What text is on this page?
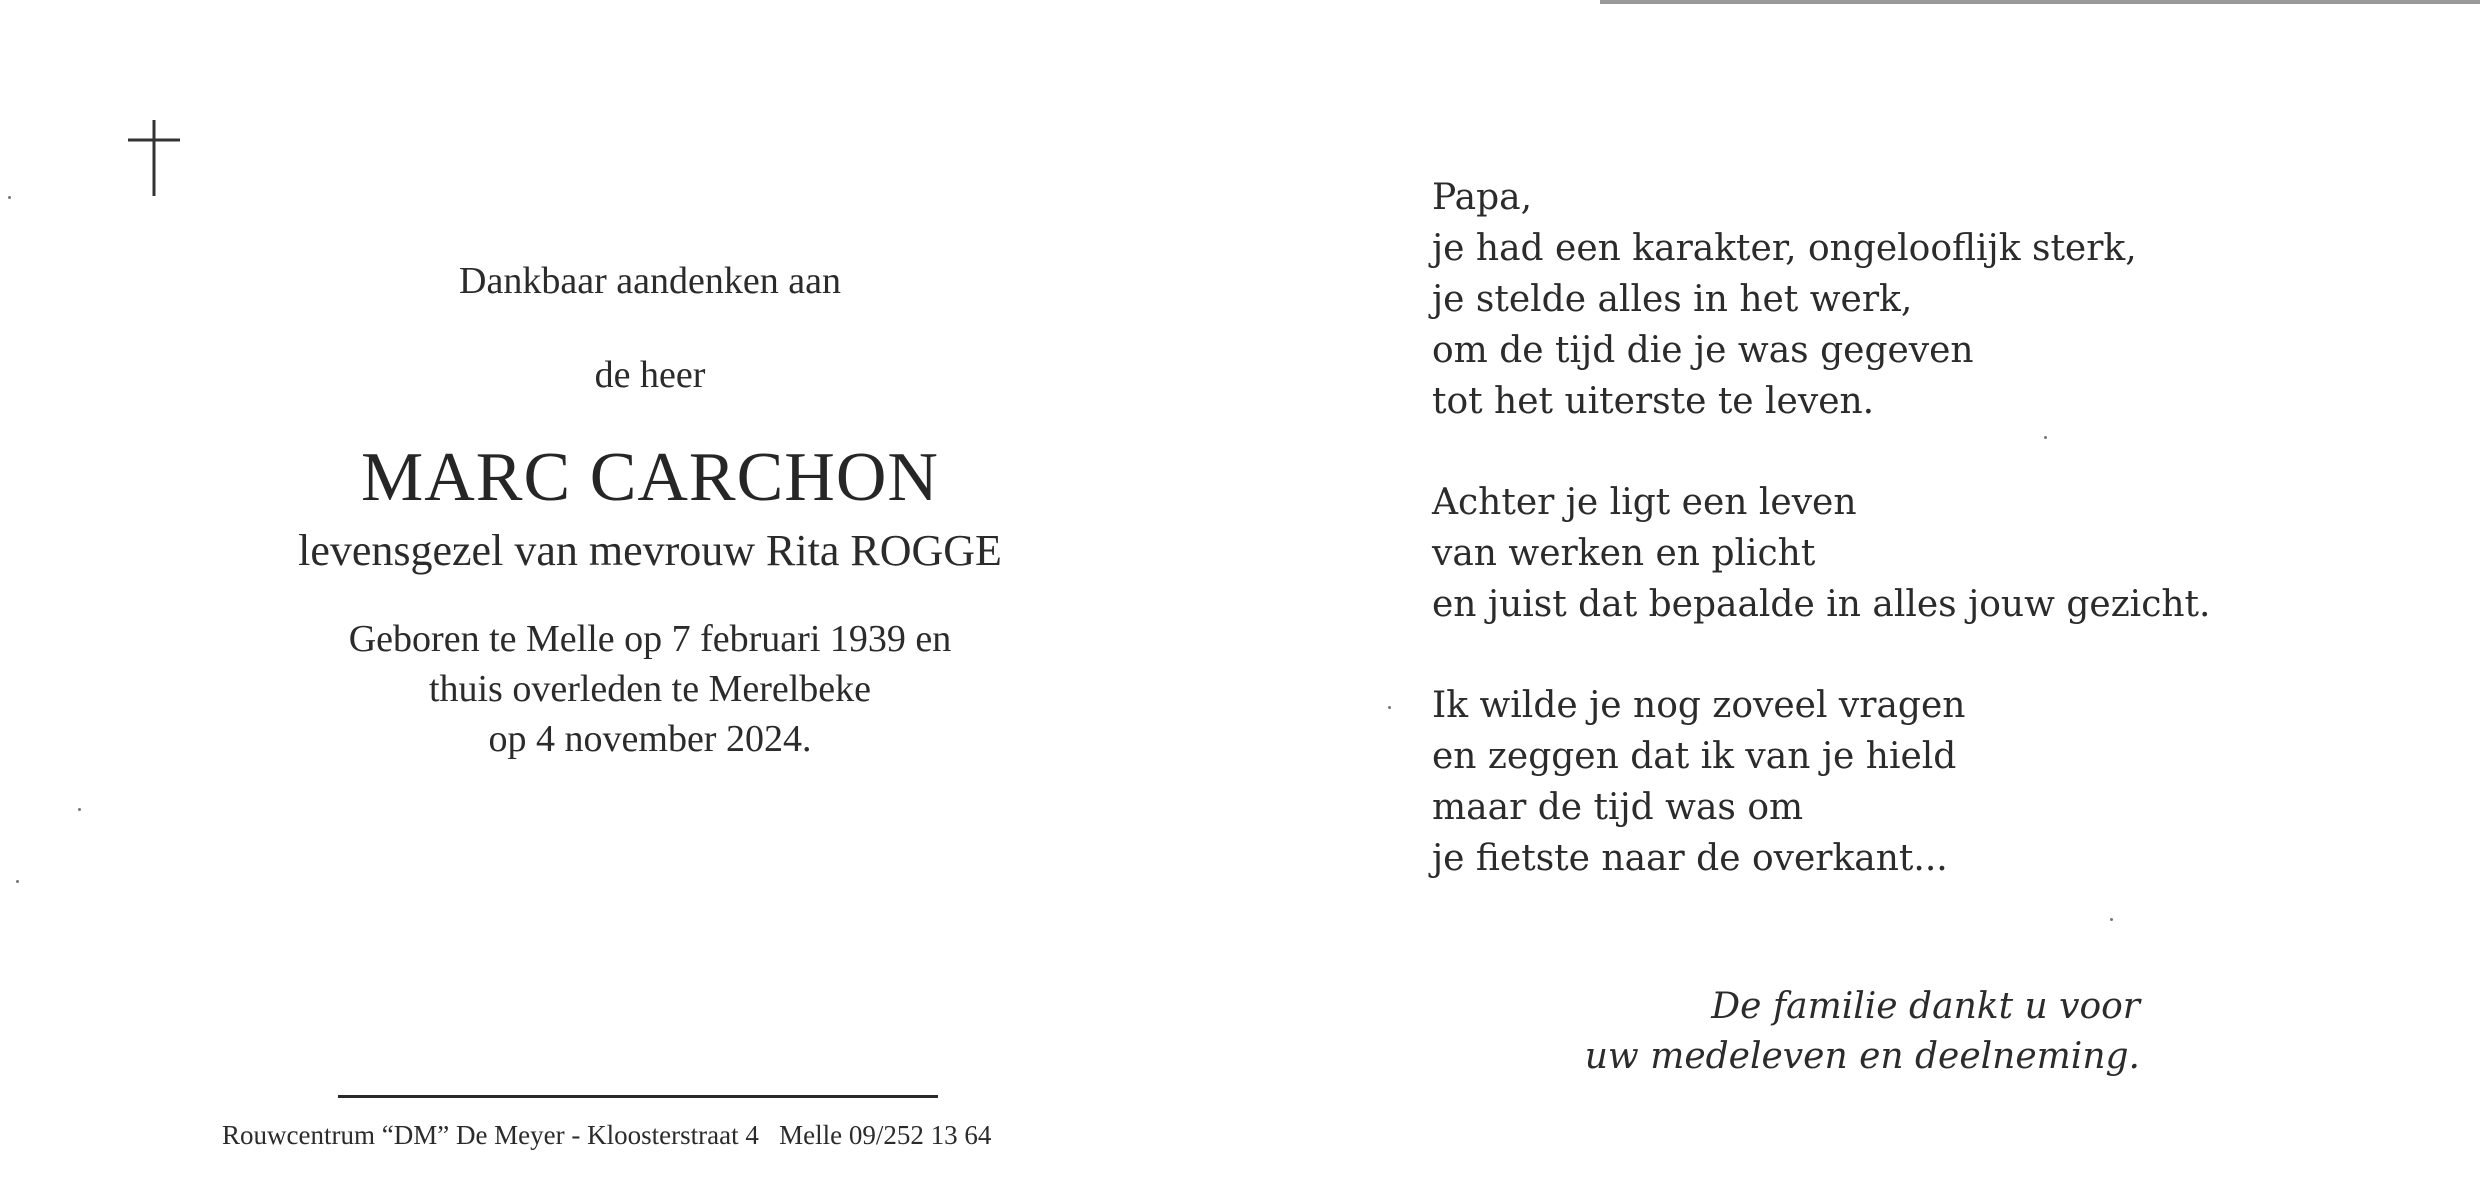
Dankbaar aandenken aan
de heer
MARC CARCHON
levensgezel van mevrouw Rita ROGGE
Geboren te Melle op 7 februari 1939 en
thuis overleden te Merelbeke
op 4 november 2024.
Rouwcentrum “DM” De Meyer - Kloosterstraat 4   Melle 09/252 13 64
Papa,
je had een karakter, ongelooflijk sterk,
je stelde alles in het werk,
om de tijd die je was gegeven
tot het uiterste te leven.
Achter je ligt een leven
van werken en plicht
en juist dat bepaalde in alles jouw gezicht.
Ik wilde je nog zoveel vragen
en zeggen dat ik van je hield
maar de tijd was om
je fietste naar de overkant...
De familie dankt u voor
uw medeleven en deelneming.
